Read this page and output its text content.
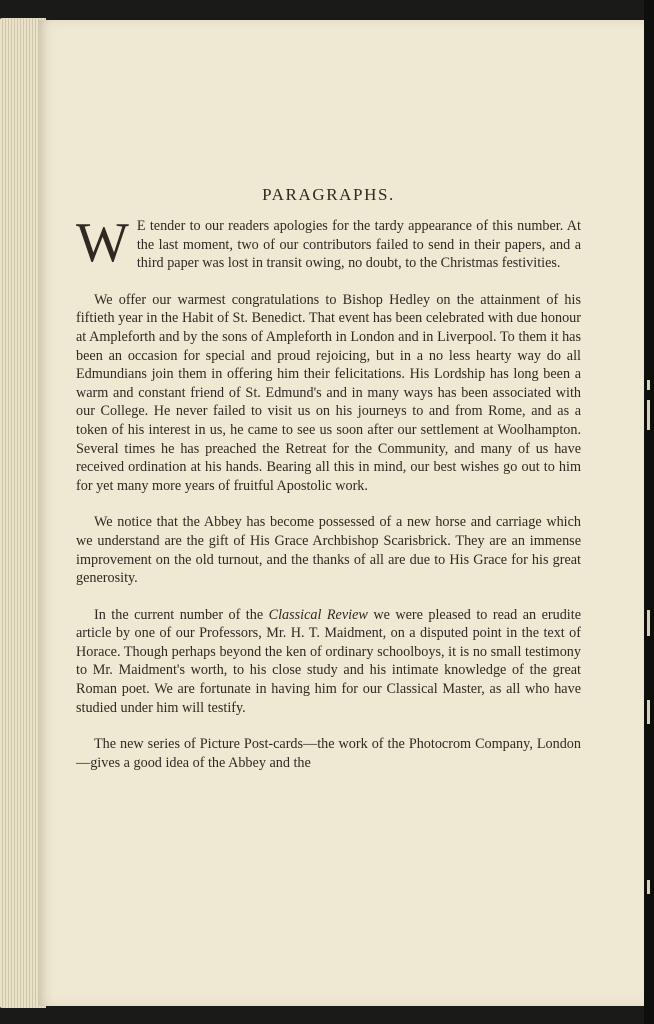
PARAGRAPHS.

W E tender to our readers apologies for the tardy appearance of this number. At the last moment, two of our contributors failed to send in their papers, and a third paper was lost in transit owing, no doubt, to the Christmas festivities.

We offer our warmest congratulations to Bishop Hedley on the attainment of his fiftieth year in the Habit of St. Benedict. That event has been celebrated with due honour at Ampleforth and by the sons of Ampleforth in London and in Liverpool. To them it has been an occasion for special and proud rejoicing, but in a no less hearty way do all Edmundians join them in offering him their felicitations. His Lordship has long been a warm and constant friend of St. Edmund's and in many ways has been associated with our College. He never failed to visit us on his journeys to and from Rome, and as a token of his interest in us, he came to see us soon after our settlement at Woolhampton. Several times he has preached the Retreat for the Community, and many of us have received ordination at his hands. Bearing all this in mind, our best wishes go out to him for yet many more years of fruitful Apostolic work.

We notice that the Abbey has become possessed of a new horse and carriage which we understand are the gift of His Grace Archbishop Scarisbrick. They are an immense improvement on the old turnout, and the thanks of all are due to His Grace for his great generosity.

In the current number of the Classical Review we were pleased to read an erudite article by one of our Professors, Mr. H. T. Maidment, on a disputed point in the text of Horace. Though perhaps beyond the ken of ordinary schoolboys, it is no small testimony to Mr. Maidment's worth, to his close study and his intimate knowledge of the great Roman poet. We are fortunate in having him for our Classical Master, as all who have studied under him will testify.

The new series of Picture Post-cards—the work of the Photocrom Company, London—gives a good idea of the Abbey and the
